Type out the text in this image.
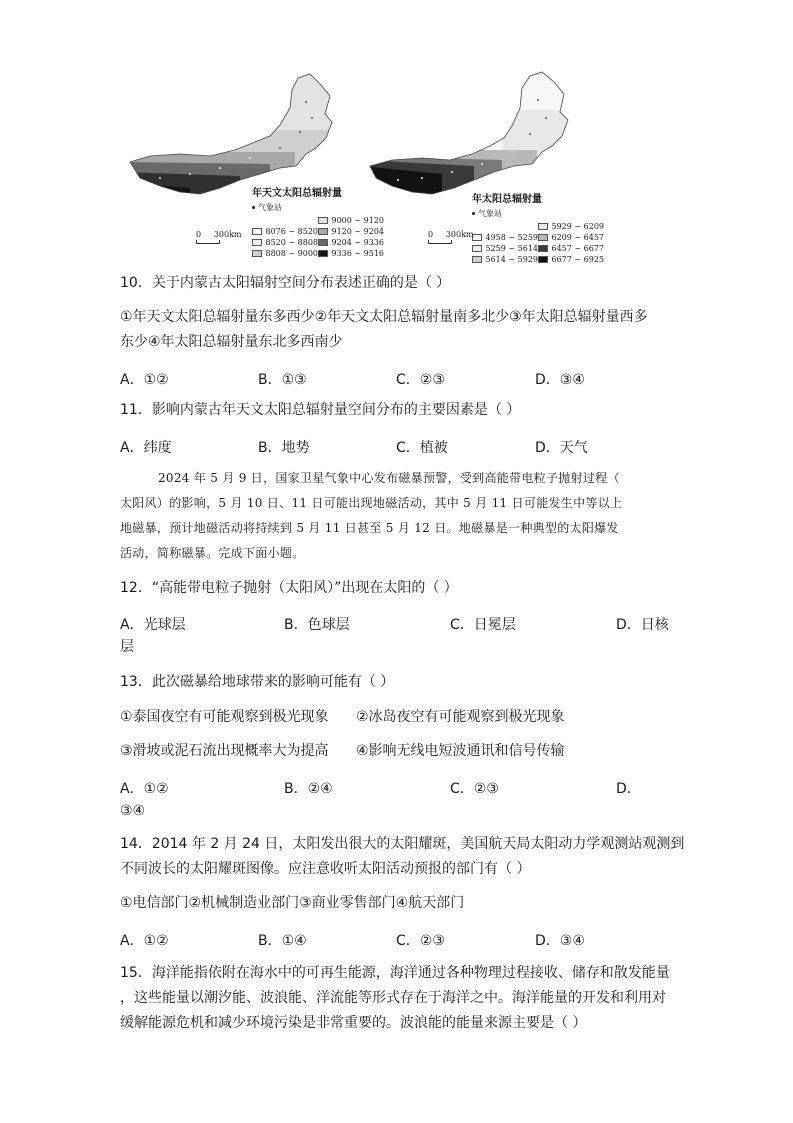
年天文太阳总辐射量
气象站
9000 ~ 9120
8076 ~ 8520 9120 ~ 9204
8520 ~ 8808 9204 ~ 9336
8808 ~ 9000 9336 ~ 9516
0 300km
年太阳总辐射量
气象站
5929 ~ 6209
4958 ~ 5259 6209 ~ 6457
5259 ~ 5614 6457 ~ 6677
5614 ~ 5929 6677 ~ 6925
0 300km
10．关于内蒙古太阳辐射空间分布表述正确的是（ ）
①年天文太阳总辐射量东多西少②年天文太阳总辐射量南多北少③年太阳总辐射量西多
东少④年太阳总辐射量东北多西南少
A．①②	B．①③	C．②③	D．③④
11．影响内蒙古年天文太阳总辐射量空间分布的主要因素是（ ）
A．纬度	B．地势	C．植被	D．天气
2024 年 5 月 9 日，国家卫星气象中心发布磁暴预警，受到高能带电粒子抛射过程（
太阳风）的影响，5 月 10 日、11 日可能出现地磁活动，其中 5 月 11 日可能发生中等以上
地磁暴，预计地磁活动将持续到 5 月 11 日甚至 5 月 12 日。地磁暴是一种典型的太阳爆发
活动，简称磁暴。完成下面小题。
12．“高能带电粒子抛射（太阳风）”出现在太阳的（ ）
A．光球层	B．色球层	C．日冕层	D．日核
层
13．此次磁暴给地球带来的影响可能有（ ）
①泰国夜空有可能观察到极光现象 ②冰岛夜空有可能观察到极光现象
③滑坡或泥石流出现概率大为提高 ④影响无线电短波通讯和信号传输
A．①②	B．②④	C．②③	D．
③④
14．2014 年 2 月 24 日，太阳发出很大的太阳耀斑，美国航天局太阳动力学观测站观测到
不同波长的太阳耀斑图像。应注意收听太阳活动预报的部门有（ ）
①电信部门②机械制造业部门③商业零售部门④航天部门
A．①②	B．①④	C．②③	D．③④
15．海洋能指依附在海水中的可再生能源，海洋通过各种物理过程接收、储存和散发能量
，这些能量以潮汐能、波浪能、洋流能等形式存在于海洋之中。海洋能量的开发和利用对
缓解能源危机和减少环境污染是非常重要的。波浪能的能量来源主要是（ ）
